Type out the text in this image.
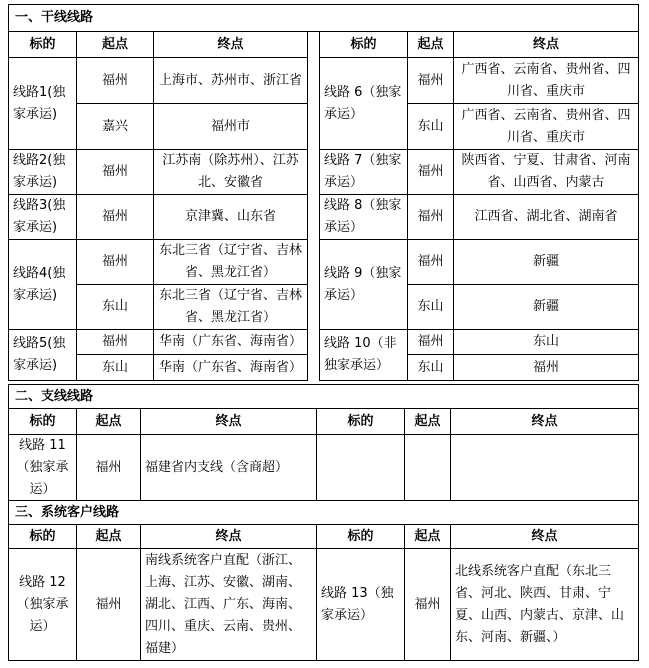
一、干线线路						
标的	起点	终点		标的	起点	终点
线路1(独家承运)	福州	上海市、苏州市、浙江省		线路 6（独家承运）	福州	广西省、云南省、贵州省、四川省、重庆市
	嘉兴	福州市			东山	广西省、云南省、贵州省、四川省、重庆市
线路2(独家承运)	福州	江苏南（除苏州）、江苏北、安徽省		线路 7（独家承运）	福州	陕西省、宁夏、甘肃省、河南省、山西省、内蒙古
线路3(独家承运)	福州	京津冀、山东省		线路 8（独家承运）	福州	江西省、湖北省、湖南省
线路4(独家承运)	福州	东北三省（辽宁省、吉林省、黑龙江省）		线路 9（独家承运）	福州	新疆
	东山	东北三省（辽宁省、吉林省、黑龙江省）			东山	新疆
线路5(独家承运)	福州	华南（广东省、海南省）		线路 10（非独家承运）	福州	东山
	东山	华南（广东省、海南省）			东山	福州
二、支线线路					
标的	起点	终点	标的	起点	终点
线路 11（独家承运）	福州	福建省内支线（含商超）			
三、系统客户线路					
标的	起点	终点	标的	起点	终点
线路 12（独家承运）	福州	南线系统客户直配（浙江、上海、江苏、安徽、湖南、湖北、江西、广东、海南、四川、重庆、云南、贵州、福建）	线路 13（独家承运）	福州	北线系统客户直配（东北三省、河北、陕西、甘肃、宁夏、山西、内蒙古、京津、山东、河南、新疆、）
